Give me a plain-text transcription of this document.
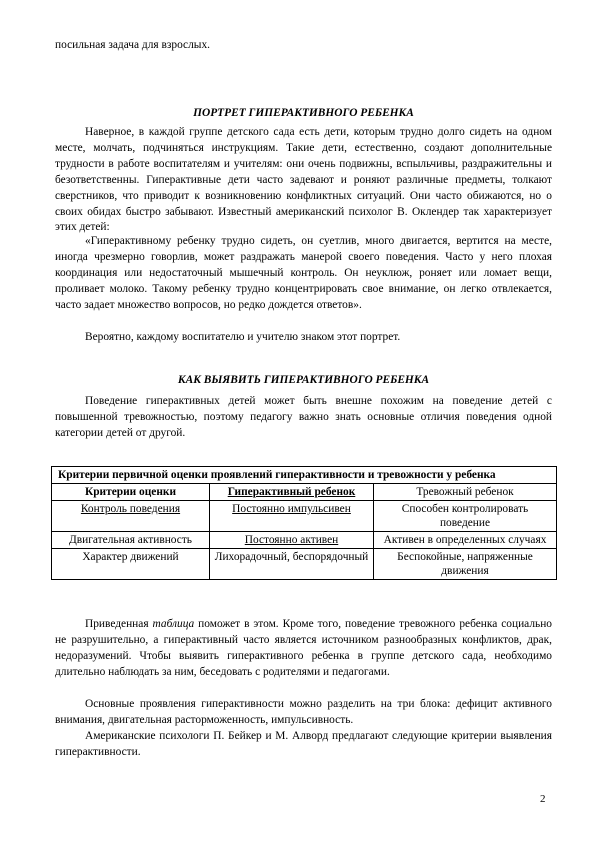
посильная задача для взрослых.

ПОРТРЕТ ГИПЕРАКТИВНОГО РЕБЕНКА

Наверное, в каждой группе детского сада есть дети, которым трудно долго сидеть на одном месте, молчать, подчиняться инструкциям. Такие дети, естественно, создают дополнительные трудности в работе воспитателям и учителям: они очень подвижны, вспыльчивы, раздражительны и безответственны. Гиперактивные дети часто задевают и роняют различные предметы, толкают сверстников, что приводит к возникновению конфликтных ситуаций. Они часто обижаются, но о своих обидах быстро забывают. Известный американский психолог В. Оклендер так характеризует этих детей:

«Гиперактивному ребенку трудно сидеть, он суетлив, много двигается, вертится на месте, иногда чрезмерно говорлив, может раздражать манерой своего поведения. Часто у него плохая координация или недостаточный мышечный контроль. Он неуклюж, роняет или ломает вещи, проливает молоко. Такому ребенку трудно концентрировать свое внимание, он легко отвлекается, часто задает множество вопросов, но редко дождется ответов».

Вероятно, каждому воспитателю и учителю знаком этот портрет.

КАК ВЫЯВИТЬ ГИПЕРАКТИВНОГО РЕБЕНКА

Поведение гиперактивных детей может быть внешне похожим на поведение детей с повышенной тревожностью, поэтому педагогу важно знать основные отличия поведения одной категории детей от другой.

Критерии первичной оценки проявлений гиперактивности и тревожности у ребенка		
Критерии оценки	Гиперактивный ребенок	Тревожный ребенок
Контроль поведения	Постоянно импульсивен	Способен контролировать поведение
Двигательная активность	Постоянно активен	Активен в определенных случаях
Характер движений	Лихорадочный, беспорядочный	Беспокойные, напряженные движения

Приведенная таблица поможет в этом. Кроме того, поведение тревожного ребенка социально не разрушительно, а гиперактивный часто является источником разнообразных конфликтов, драк, недоразумений. Чтобы выявить гиперактивного ребенка в группе детского сада, необходимо длительно наблюдать за ним, беседовать с родителями и педагогами.

Основные проявления гиперактивности можно разделить на три блока: дефицит активного внимания, двигательная расторможенность, импульсивность.

Американские психологи П. Бейкер и М. Алворд предлагают следующие критерии выявления гиперактивности.

2
